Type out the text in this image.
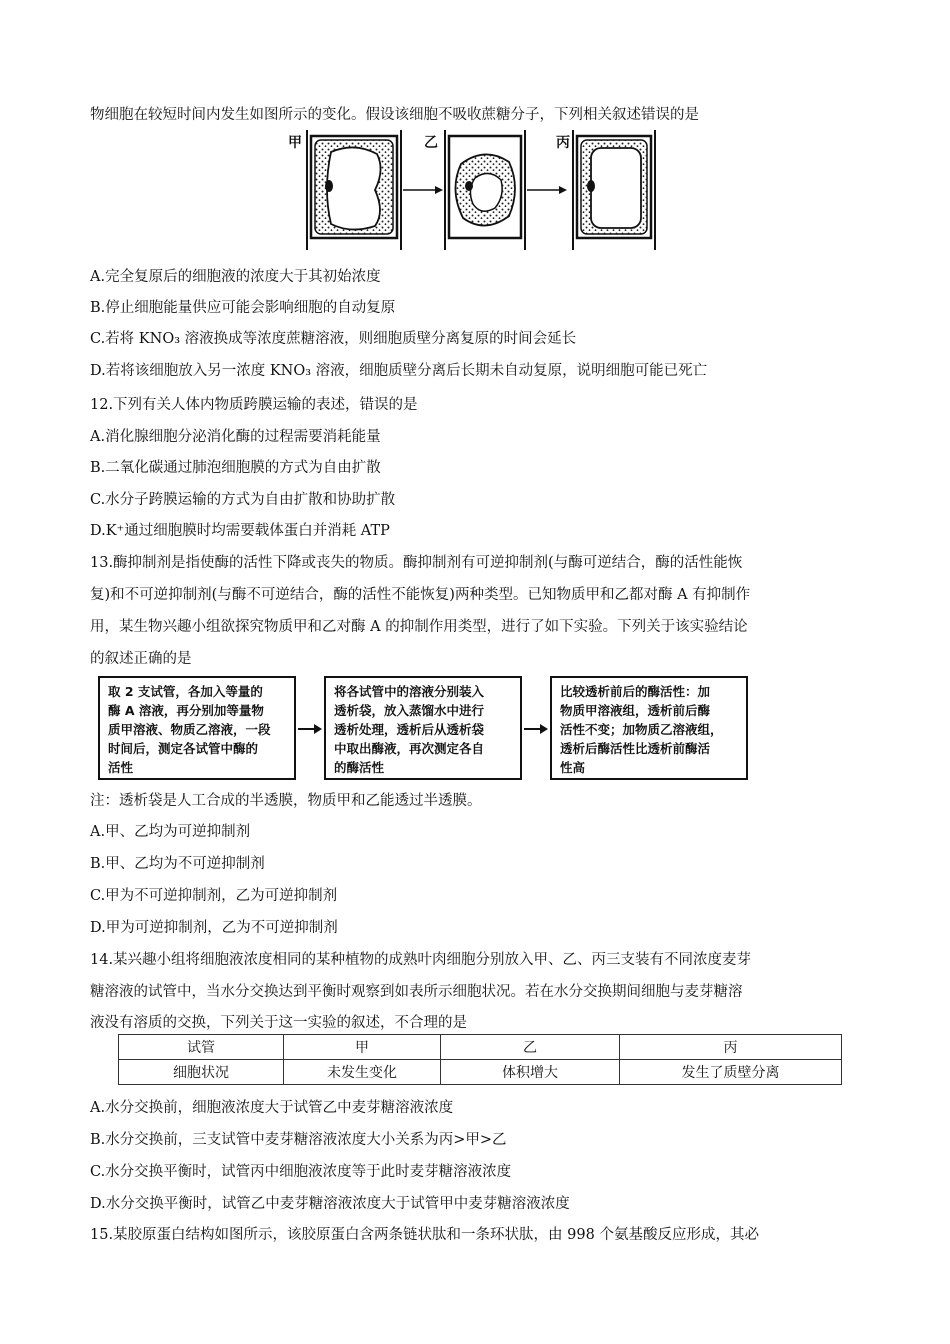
物细胞在较短时间内发生如图所示的变化。假设该细胞不吸收蔗糖分子，下列相关叙述错误的是
甲	乙	丙
A.完全复原后的细胞液的浓度大于其初始浓度
B.停止细胞能量供应可能会影响细胞的自动复原
C.若将 KNO₃ 溶液换成等浓度蔗糖溶液，则细胞质壁分离复原的时间会延长
D.若将该细胞放入另一浓度 KNO₃ 溶液，细胞质壁分离后长期未自动复原，说明细胞可能已死亡
12.下列有关人体内物质跨膜运输的表述，错误的是
A.消化腺细胞分泌消化酶的过程需要消耗能量
B.二氧化碳通过肺泡细胞膜的方式为自由扩散
C.水分子跨膜运输的方式为自由扩散和协助扩散
D.K⁺通过细胞膜时均需要载体蛋白并消耗 ATP
13.酶抑制剂是指使酶的活性下降或丧失的物质。酶抑制剂有可逆抑制剂(与酶可逆结合，酶的活性能恢
复)和不可逆抑制剂(与酶不可逆结合，酶的活性不能恢复)两种类型。已知物质甲和乙都对酶 A 有抑制作
用，某生物兴趣小组欲探究物质甲和乙对酶 A 的抑制作用类型，进行了如下实验。下列关于该实验结论
的叙述正确的是
取 2 支试管，各加入等量的
酶 A 溶液，再分别加等量物
质甲溶液、物质乙溶液，一段
时间后，测定各试管中酶的
活性
将各试管中的溶液分别装入
透析袋，放入蒸馏水中进行
透析处理，透析后从透析袋
中取出酶液，再次测定各自
的酶活性
比较透析前后的酶活性：加
物质甲溶液组，透析前后酶
活性不变；加物质乙溶液组，
透析后酶活性比透析前酶活
性高
注：透析袋是人工合成的半透膜，物质甲和乙能透过半透膜。
A.甲、乙均为可逆抑制剂
B.甲、乙均为不可逆抑制剂
C.甲为不可逆抑制剂，乙为可逆抑制剂
D.甲为可逆抑制剂，乙为不可逆抑制剂
14.某兴趣小组将细胞液浓度相同的某种植物的成熟叶肉细胞分别放入甲、乙、丙三支装有不同浓度麦芽
糖溶液的试管中，当水分交换达到平衡时观察到如表所示细胞状况。若在水分交换期间细胞与麦芽糖溶
液没有溶质的交换，下列关于这一实验的叙述，不合理的是
试管	甲	乙	丙
细胞状况	未发生变化	体积增大	发生了质壁分离
A.水分交换前，细胞液浓度大于试管乙中麦芽糖溶液浓度
B.水分交换前，三支试管中麦芽糖溶液浓度大小关系为丙>甲>乙
C.水分交换平衡时，试管丙中细胞液浓度等于此时麦芽糖溶液浓度
D.水分交换平衡时，试管乙中麦芽糖溶液浓度大于试管甲中麦芽糖溶液浓度
15.某胶原蛋白结构如图所示，该胶原蛋白含两条链状肽和一条环状肽，由 998 个氨基酸反应形成，其必
